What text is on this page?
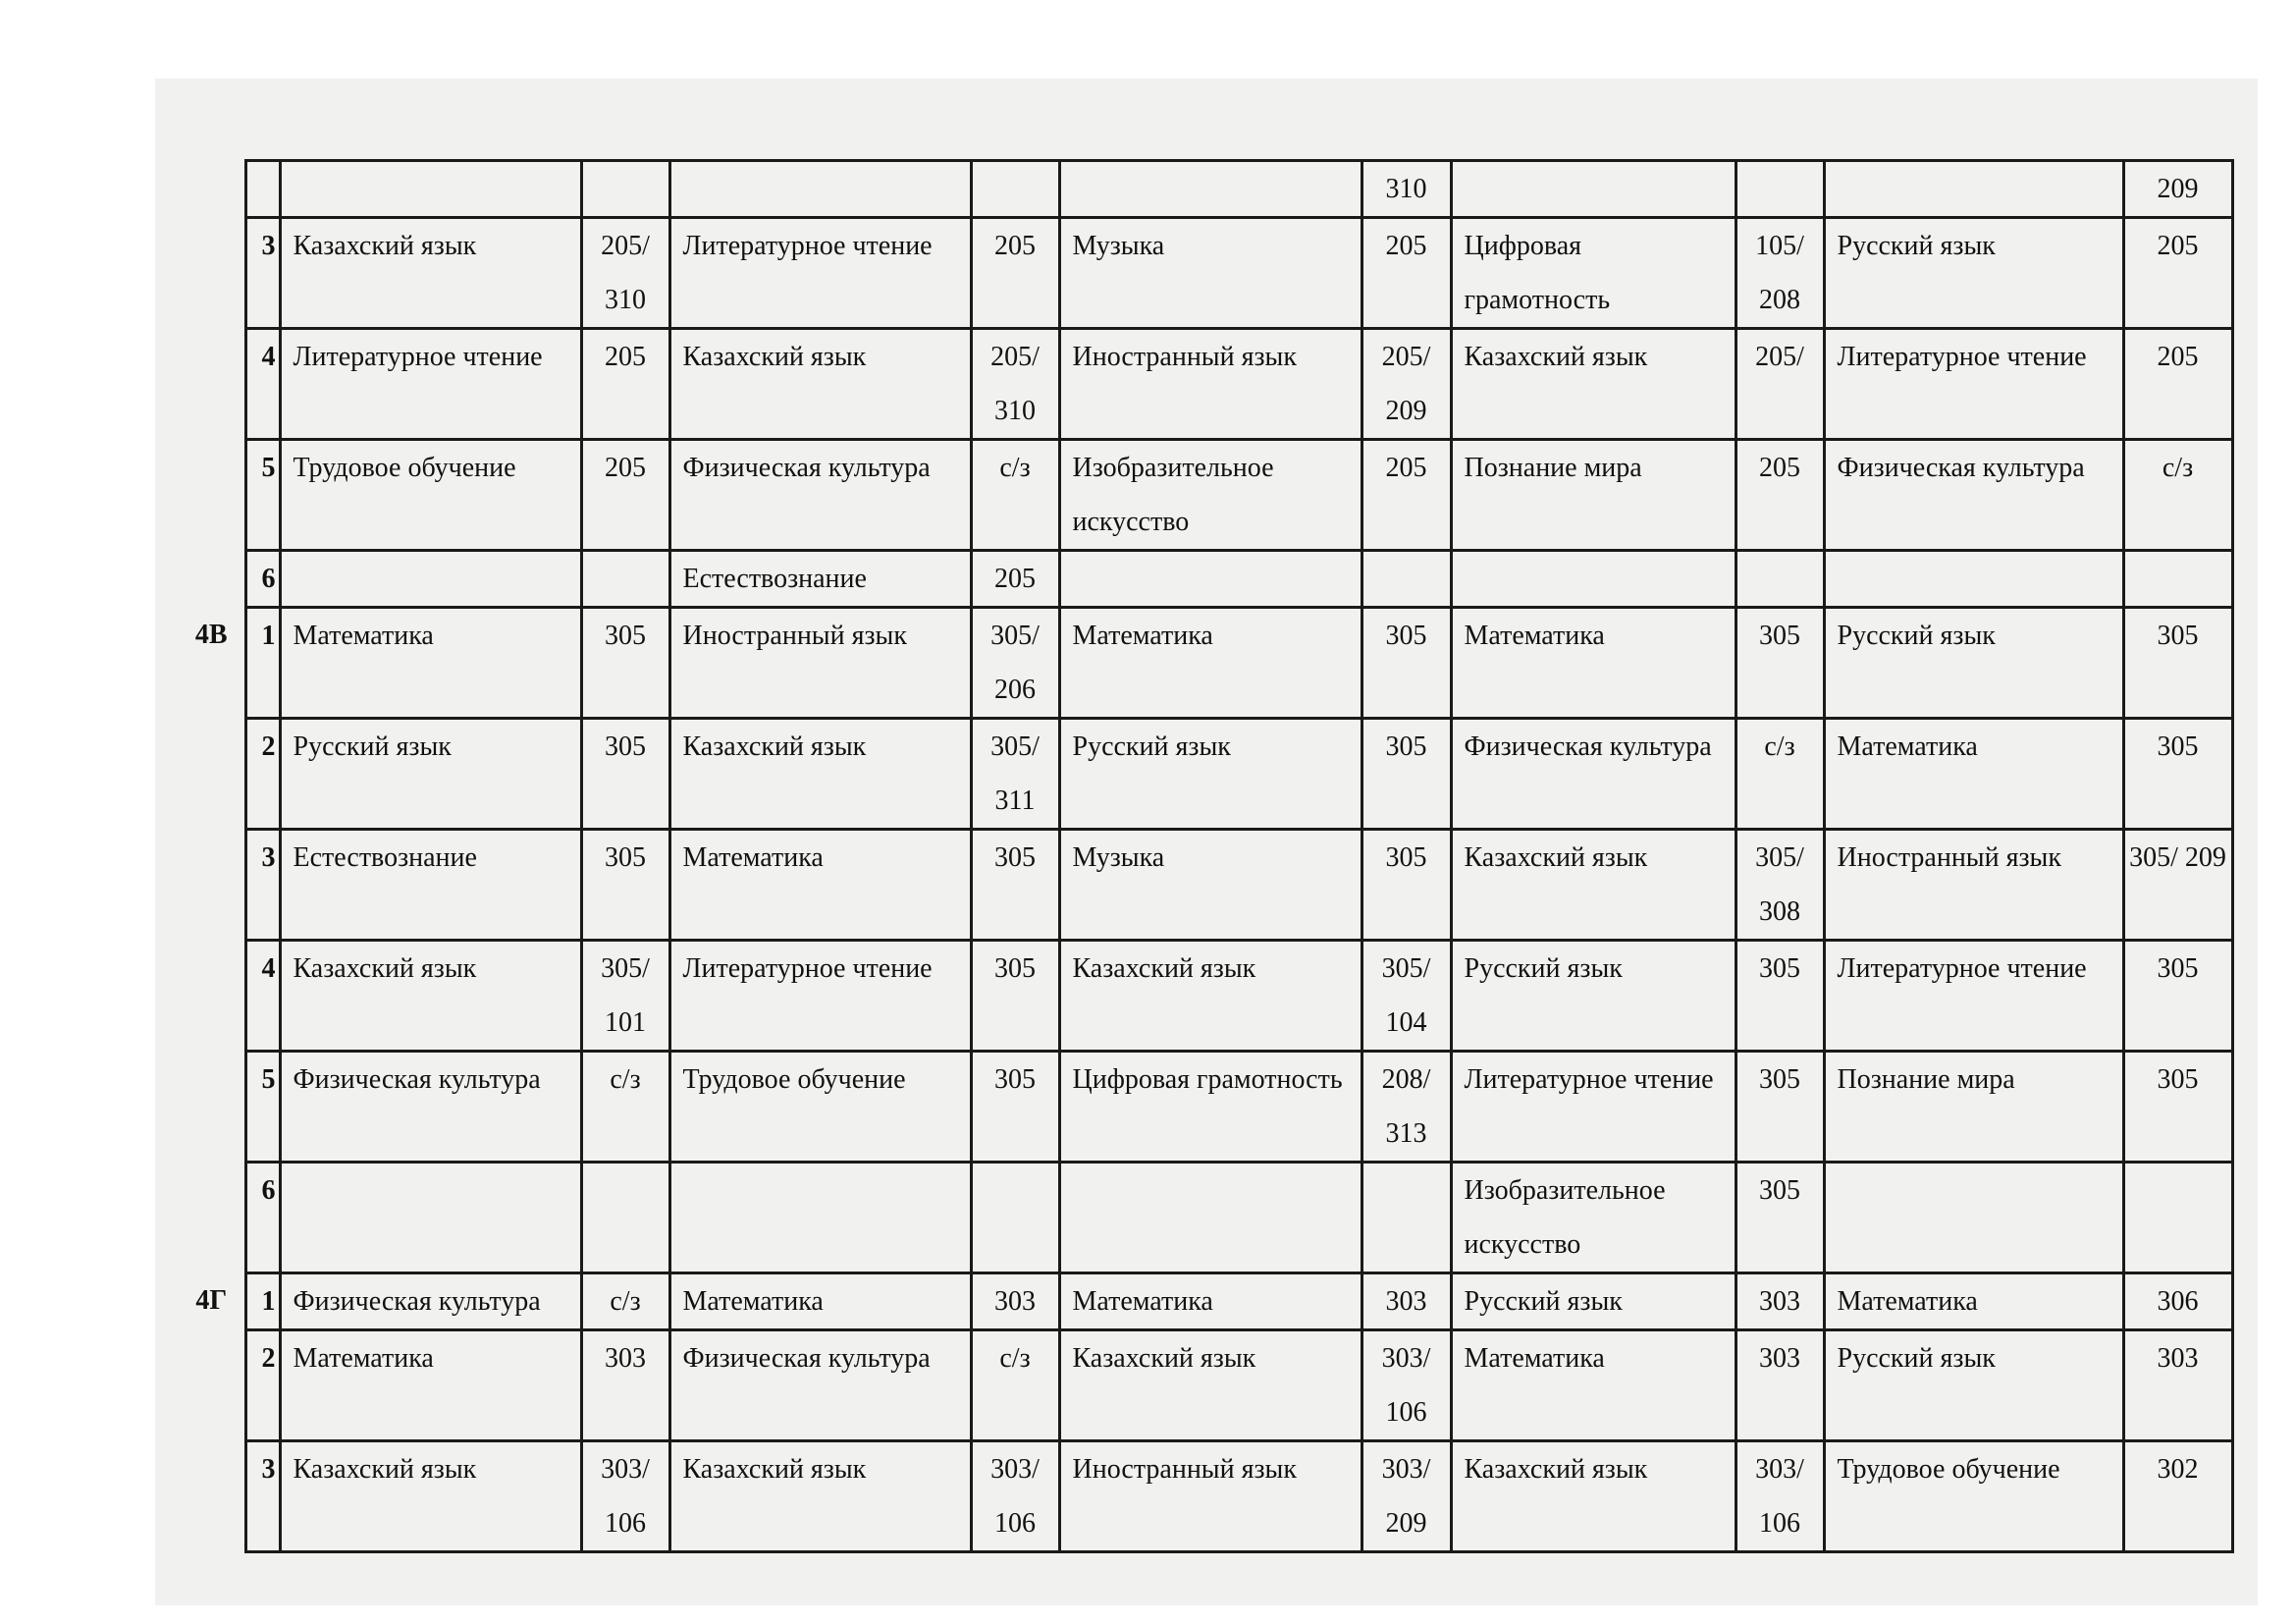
							310				209
	3	Казахский язык	205/ 310	Литературное чтение	205	Музыка	205	Цифровая грамотность	105/ 208	Русский язык	205
	4	Литературное чтение	205	Казахский язык	205/ 310	Иностранный язык	205/ 209	Казахский язык	205/	Литературное чтение	205
	5	Трудовое обучение	205	Физическая культура	с/з	Изобразительное искусство	205	Познание мира	205	Физическая культура	с/з
	6			Естествознание	205						
4В	1	Математика	305	Иностранный язык	305/ 206	Математика	305	Математика	305	Русский язык	305
	2	Русский язык	305	Казахский язык	305/ 311	Русский язык	305	Физическая культура	с/з	Математика	305
	3	Естествознание	305	Математика	305	Музыка	305	Казахский язык	305/ 308	Иностранный язык	305/ 209
	4	Казахский язык	305/ 101	Литературное чтение	305	Казахский язык	305/ 104	Русский язык	305	Литературное чтение	305
	5	Физическая культура	с/з	Трудовое обучение	305	Цифровая грамотность	208/ 313	Литературное чтение	305	Познание мира	305
	6							Изобразительное искусство	305		
4Г	1	Физическая культура	с/з	Математика	303	Математика	303	Русский язык	303	Математика	306
	2	Математика	303	Физическая культура	с/з	Казахский язык	303/ 106	Математика	303	Русский язык	303
	3	Казахский язык	303/ 106	Казахский язык	303/ 106	Иностранный язык	303/ 209	Казахский язык	303/ 106	Трудовое обучение	302
